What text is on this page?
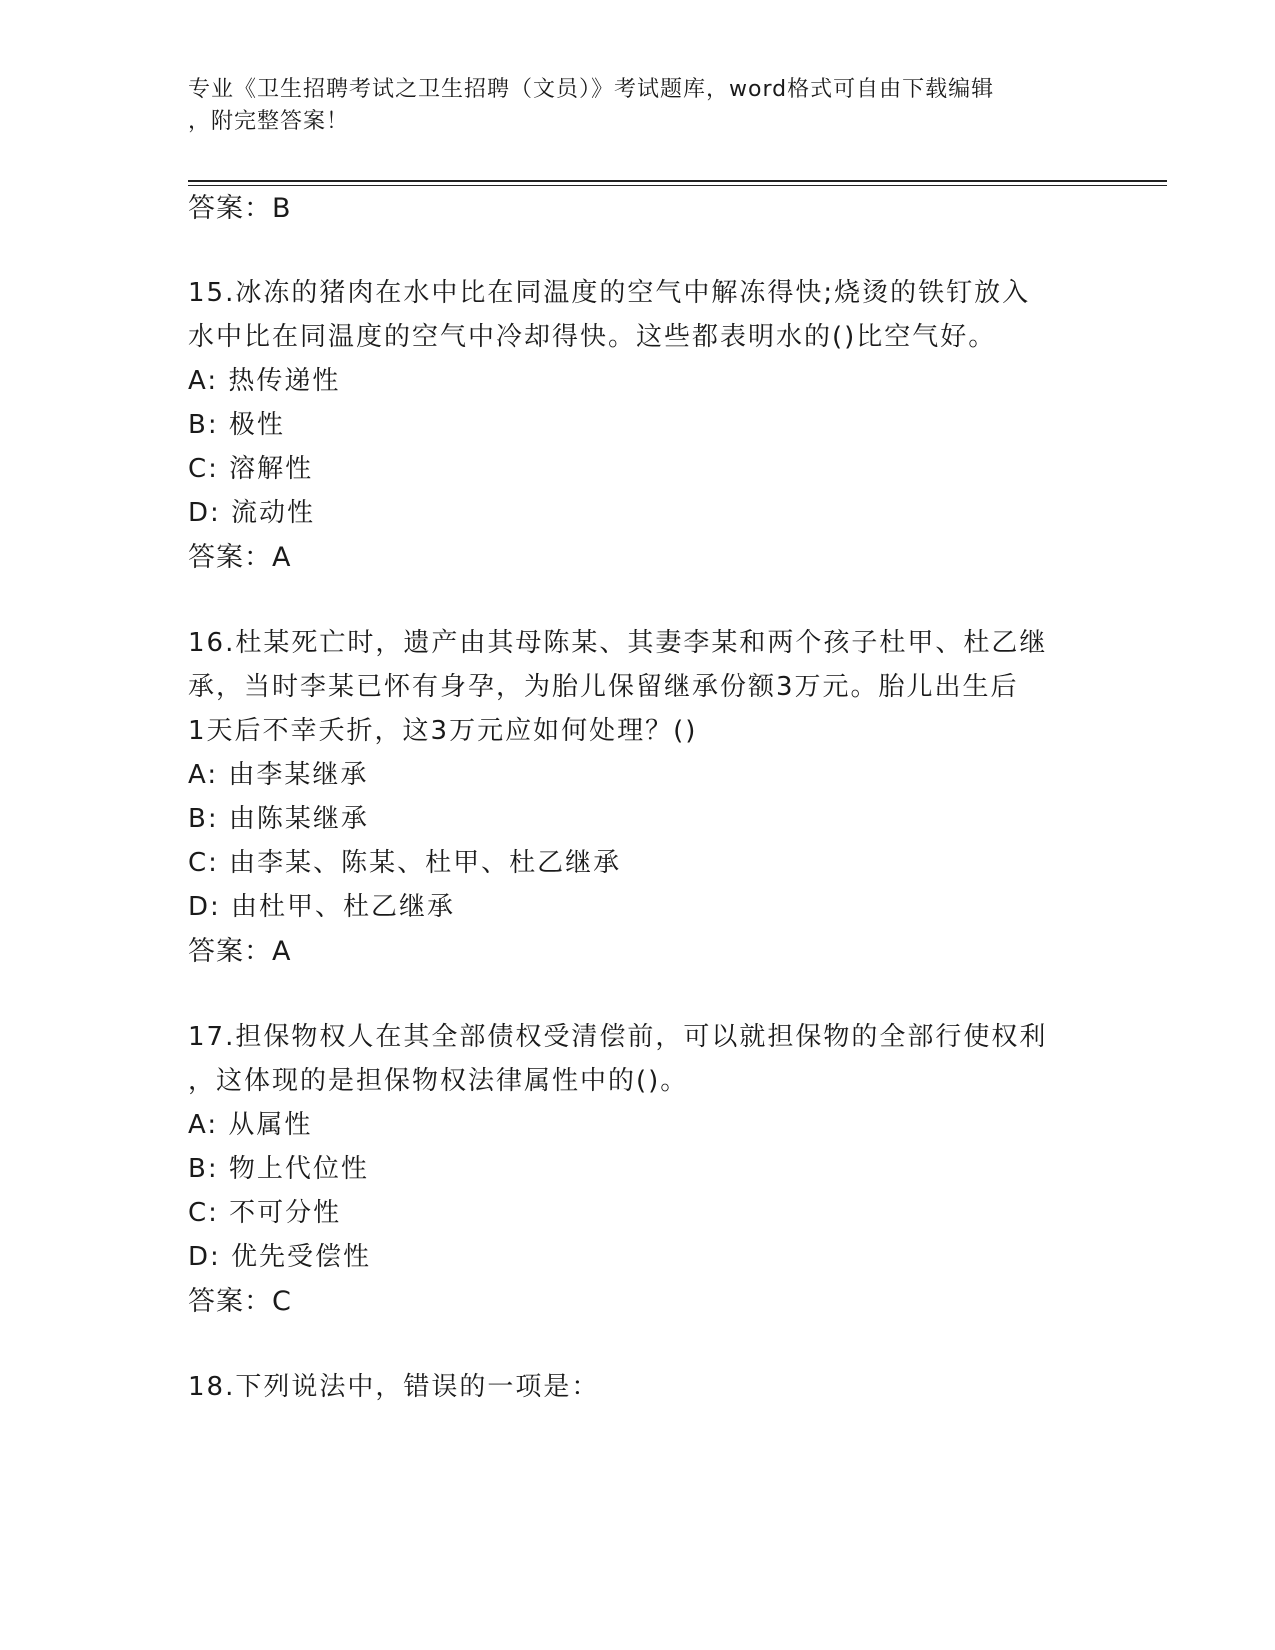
专业《卫生招聘考试之卫生招聘（文员）》考试题库，word格式可自由下载编辑
，附完整答案！
答案：B
15.冰冻的猪肉在水中比在同温度的空气中解冻得快;烧烫的铁钉放入
水中比在同温度的空气中冷却得快。这些都表明水的()比空气好。
A: 热传递性
B: 极性
C: 溶解性
D: 流动性
答案：A
16.杜某死亡时，遗产由其母陈某、其妻李某和两个孩子杜甲、杜乙继
承，当时李某已怀有身孕，为胎儿保留继承份额3万元。胎儿出生后
1天后不幸夭折，这3万元应如何处理？()
A: 由李某继承
B: 由陈某继承
C: 由李某、陈某、杜甲、杜乙继承
D: 由杜甲、杜乙继承
答案：A
17.担保物权人在其全部债权受清偿前，可以就担保物的全部行使权利
，这体现的是担保物权法律属性中的()。
A: 从属性
B: 物上代位性
C: 不可分性
D: 优先受偿性
答案：C
18.下列说法中，错误的一项是：
